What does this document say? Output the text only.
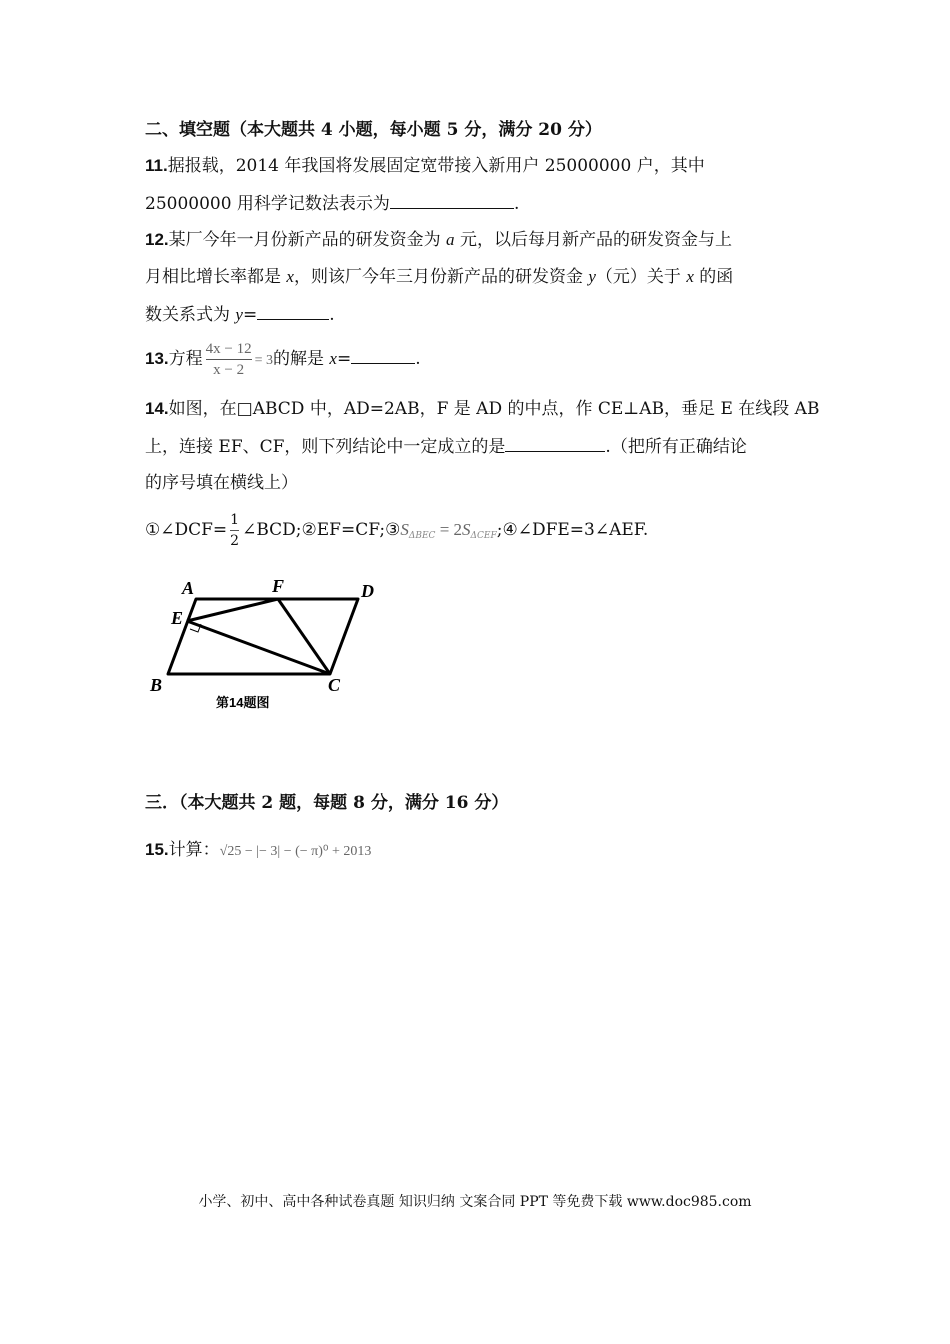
二、填空题（本大题共 4 小题，每小题 5 分，满分 20 分）
11.据报载，2014 年我国将发展固定宽带接入新用户 25000000 户，其中
25000000 用科学记数法表示为	.
12.某厂今年一月份新产品的研发资金为 a 元，以后每月新产品的研发资金与上
月相比增长率都是 x，则该厂今年三月份新产品的研发资金 y（元）关于 x 的函
数关系式为 y=	.
13.方程 $\frac{4x - 12}{x - 2} = 3$的解是 x=	.
14.如图，在□ABCD 中，AD=2AB，F 是 AD 的中点，作 CE⊥AB，垂足 E 在线段 AB
上，连接 EF、CF，则下列结论中一定成立的是	.（把所有正确结论
的序号填在横线上）
①∠DCF= $\frac{1}{2}$ $\angle BCD;②EF=CF;③S_{\Delta BEC}$ = $2S_{\Delta CEF};④\angle DFE=3\angle AEF$.
A	F	D
E
B	C
第14题图
三．（本大题共 2 题，每题 8 分，满分 16 分）
15.计算：√25 − |− 3| − (− π)⁰ + 2013
小学、初中、高中各种试卷真题 知识归纳 文案合同 PPT 等免费下载 www.doc985.com
